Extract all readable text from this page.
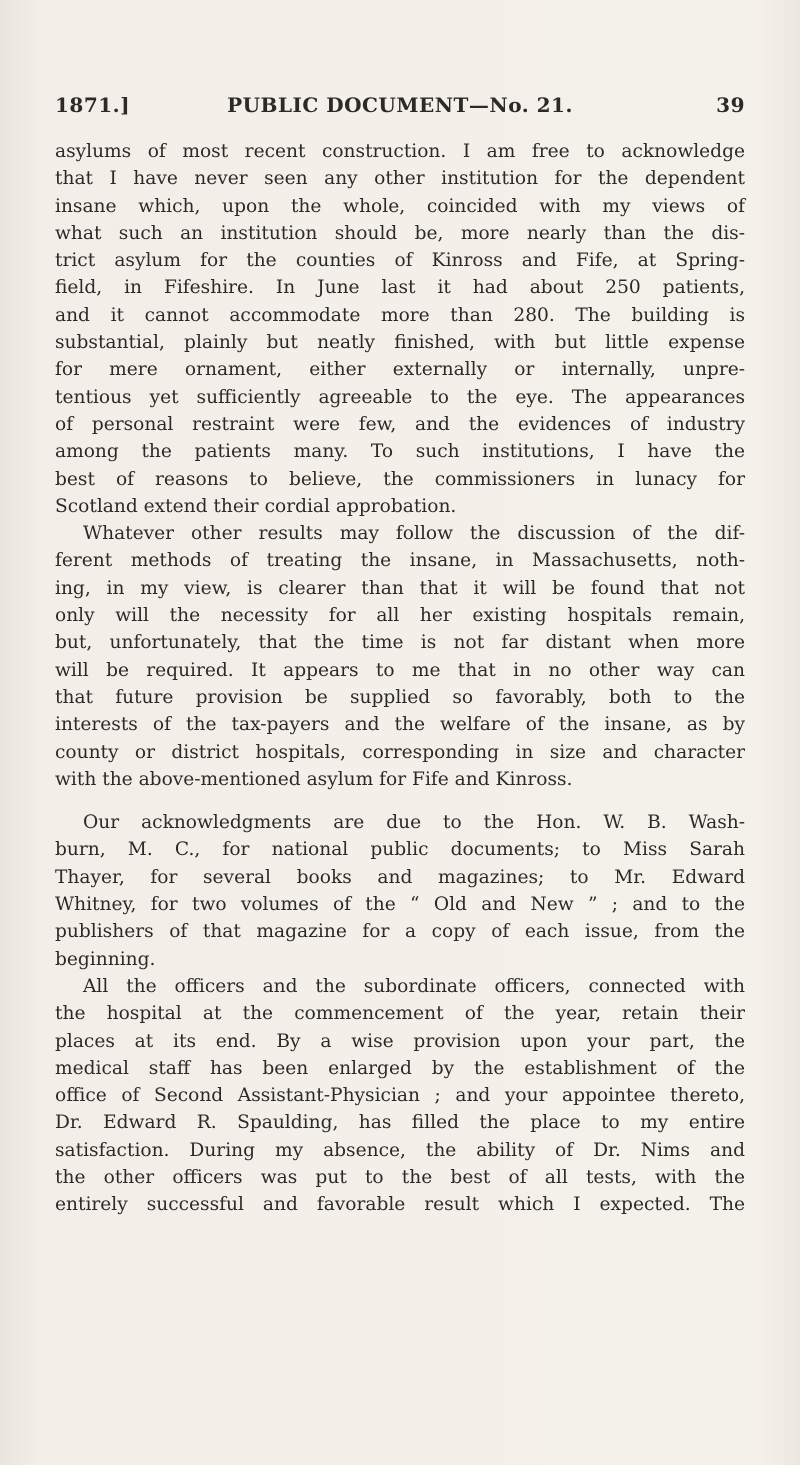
1871.]	PUBLIC DOCUMENT—No. 21.	39

asylums of most recent construction. I am free to acknowledge
that I have never seen any other institution for the dependent
insane which, upon the whole, coincided with my views of
what such an institution should be, more nearly than the dis-
trict asylum for the counties of Kinross and Fife, at Spring-
field, in Fifeshire. In June last it had about 250 patients,
and it cannot accommodate more than 280. The building is
substantial, plainly but neatly finished, with but little expense
for mere ornament, either externally or internally, unpre-
tentious yet sufficiently agreeable to the eye. The appearances
of personal restraint were few, and the evidences of industry
among the patients many. To such institutions, I have the
best of reasons to believe, the commissioners in lunacy for
Scotland extend their cordial approbation.

Whatever other results may follow the discussion of the dif-
ferent methods of treating the insane, in Massachusetts, noth-
ing, in my view, is clearer than that it will be found that not
only will the necessity for all her existing hospitals remain,
but, unfortunately, that the time is not far distant when more
will be required. It appears to me that in no other way can
that future provision be supplied so favorably, both to the
interests of the tax-payers and the welfare of the insane, as by
county or district hospitals, corresponding in size and character
with the above-mentioned asylum for Fife and Kinross.

Our acknowledgments are due to the Hon. W. B. Wash-
burn, M. C., for national public documents; to Miss Sarah
Thayer, for several books and magazines; to Mr. Edward
Whitney, for two volumes of the “ Old and New ” ; and to the
publishers of that magazine for a copy of each issue, from the
beginning.

All the officers and the subordinate officers, connected with
the hospital at the commencement of the year, retain their
places at its end. By a wise provision upon your part, the
medical staff has been enlarged by the establishment of the
office of Second Assistant-Physician ; and your appointee thereto,
Dr. Edward R. Spaulding, has filled the place to my entire
satisfaction. During my absence, the ability of Dr. Nims and
the other officers was put to the best of all tests, with the
entirely successful and favorable result which I expected. The
